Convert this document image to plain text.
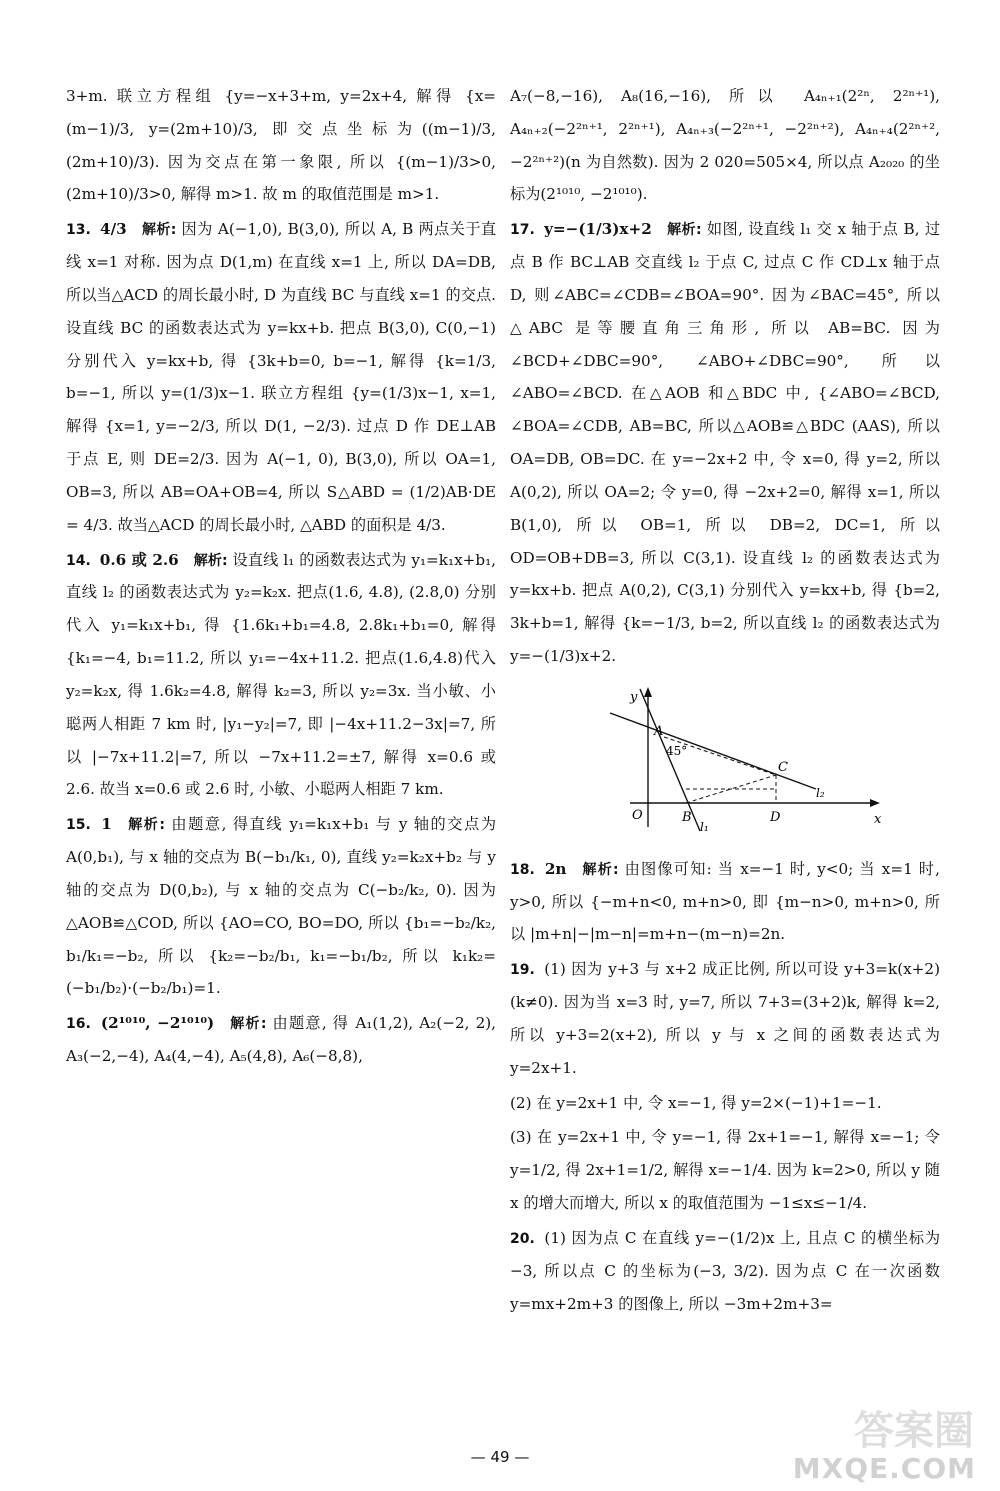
3+m. 联立方程组 {y=−x+3+m, y=2x+4, 解得 {x=(m−1)/3, y=(2m+10)/3, 即交点坐标为((m−1)/3, (2m+10)/3). 因为交点在第一象限, 所以 {(m−1)/3>0, (2m+10)/3>0, 解得 m>1. 故 m 的取值范围是 m>1.

13. 4/3 解析: 因为 A(−1,0), B(3,0), 所以 A, B 两点关于直线 x=1 对称. 因为点 D(1,m) 在直线 x=1 上, 所以 DA=DB, 所以当△ACD 的周长最小时, D 为直线 BC 与直线 x=1 的交点. 设直线 BC 的函数表达式为 y=kx+b. 把点 B(3,0), C(0,−1) 分别代入 y=kx+b, 得 {3k+b=0, b=−1, 解得 {k=1/3, b=−1, 所以 y=(1/3)x−1. 联立方程组 {y=(1/3)x−1, x=1, 解得 {x=1, y=−2/3, 所以 D(1, −2/3). 过点 D 作 DE⊥AB 于点 E, 则 DE=2/3. 因为 A(−1, 0), B(3,0), 所以 OA=1, OB=3, 所以 AB=OA+OB=4, 所以 S△ABD = (1/2)AB·DE = 4/3. 故当△ACD 的周长最小时, △ABD 的面积是 4/3.

14. 0.6 或 2.6 解析: 设直线 l₁ 的函数表达式为 y₁=k₁x+b₁, 直线 l₂ 的函数表达式为 y₂=k₂x. 把点(1.6, 4.8), (2.8,0) 分别代入 y₁=k₁x+b₁, 得 {1.6k₁+b₁=4.8, 2.8k₁+b₁=0, 解得 {k₁=−4, b₁=11.2, 所以 y₁=−4x+11.2. 把点(1.6,4.8)代入 y₂=k₂x, 得 1.6k₂=4.8, 解得 k₂=3, 所以 y₂=3x. 当小敏、小聪两人相距 7 km 时, |y₁−y₂|=7, 即 |−4x+11.2−3x|=7, 所以 |−7x+11.2|=7, 所以 −7x+11.2=±7, 解得 x=0.6 或 2.6. 故当 x=0.6 或 2.6 时, 小敏、小聪两人相距 7 km.

15. 1 解析: 由题意, 得直线 y₁=k₁x+b₁ 与 y 轴的交点为 A(0,b₁), 与 x 轴的交点为 B(−b₁/k₁, 0), 直线 y₂=k₂x+b₂ 与 y 轴的交点为 D(0,b₂), 与 x 轴的交点为 C(−b₂/k₂, 0). 因为△AOB≌△COD, 所以 {AO=CO, BO=DO, 所以 {b₁=−b₂/k₂, b₁/k₁=−b₂, 所以 {k₂=−b₂/b₁, k₁=−b₁/b₂, 所以 k₁k₂=(−b₁/b₂)·(−b₂/b₁)=1.

16. (2¹⁰¹⁰, −2¹⁰¹⁰) 解析: 由题意, 得 A₁(1,2), A₂(−2, 2), A₃(−2,−4), A₄(4,−4), A₅(4,8), A₆(−8,8),

A₇(−8,−16), A₈(16,−16), 所以 A₄ₙ₊₁(2²ⁿ, 2²ⁿ⁺¹), A₄ₙ₊₂(−2²ⁿ⁺¹, 2²ⁿ⁺¹), A₄ₙ₊₃(−2²ⁿ⁺¹, −2²ⁿ⁺²), A₄ₙ₊₄(2²ⁿ⁺², −2²ⁿ⁺²)(n 为自然数). 因为 2 020=505×4, 所以点 A₂₀₂₀ 的坐标为(2¹⁰¹⁰, −2¹⁰¹⁰).

17. y=−(1/3)x+2 解析: 如图, 设直线 l₁ 交 x 轴于点 B, 过点 B 作 BC⊥AB 交直线 l₂ 于点 C, 过点 C 作 CD⊥x 轴于点 D, 则∠ABC=∠CDB=∠BOA=90°. 因为∠BAC=45°, 所以△ABC 是等腰直角三角形, 所以 AB=BC. 因为∠BCD+∠DBC=90°, ∠ABO+∠DBC=90°, 所以∠ABO=∠BCD. 在△AOB 和△BDC 中, {∠ABO=∠BCD, ∠BOA=∠CDB, AB=BC, 所以△AOB≌△BDC (AAS), 所以 OA=DB, OB=DC. 在 y=−2x+2 中, 令 x=0, 得 y=2, 所以 A(0,2), 所以 OA=2; 令 y=0, 得 −2x+2=0, 解得 x=1, 所以 B(1,0), 所以 OB=1, 所以 DB=2, DC=1, 所以 OD=OB+DB=3, 所以 C(3,1). 设直线 l₂ 的函数表达式为 y=kx+b. 把点 A(0,2), C(3,1) 分别代入 y=kx+b, 得 {b=2, 3k+b=1, 解得 {k=−1/3, b=2, 所以直线 l₂ 的函数表达式为 y=−(1/3)x+2.

y
x
O
A
B
C
D
45°
l₁
l₂

18. 2n 解析: 由图像可知: 当 x=−1 时, y<0; 当 x=1 时, y>0, 所以 {−m+n<0, m+n>0, 即 {m−n>0, m+n>0, 所以 |m+n|−|m−n|=m+n−(m−n)=2n.

19. (1) 因为 y+3 与 x+2 成正比例, 所以可设 y+3=k(x+2)(k≠0). 因为当 x=3 时, y=7, 所以 7+3=(3+2)k, 解得 k=2, 所以 y+3=2(x+2), 所以 y 与 x 之间的函数表达式为 y=2x+1.

(2) 在 y=2x+1 中, 令 x=−1, 得 y=2×(−1)+1=−1.

(3) 在 y=2x+1 中, 令 y=−1, 得 2x+1=−1, 解得 x=−1; 令 y=1/2, 得 2x+1=1/2, 解得 x=−1/4. 因为 k=2>0, 所以 y 随 x 的增大而增大, 所以 x 的取值范围为 −1≤x≤−1/4.

20. (1) 因为点 C 在直线 y=−(1/2)x 上, 且点 C 的横坐标为 −3, 所以点 C 的坐标为(−3, 3/2). 因为点 C 在一次函数 y=mx+2m+3 的图像上, 所以 −3m+2m+3=

— 49 —
答案圈
MXQE.COM
